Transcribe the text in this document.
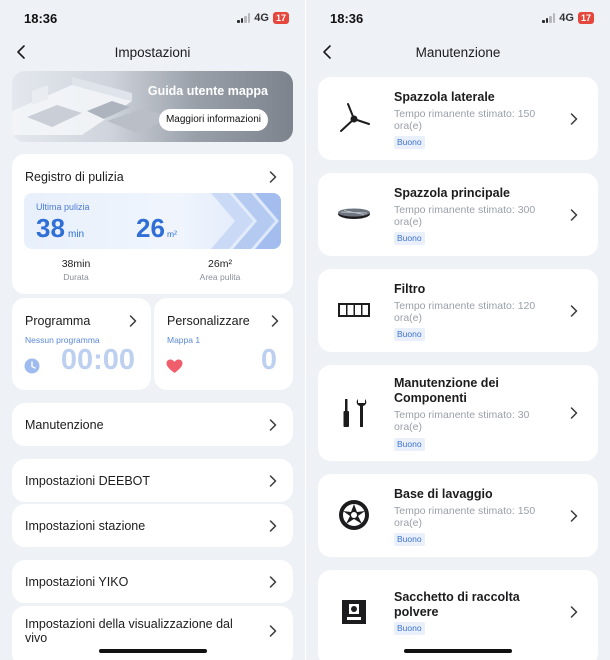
18:36	4G 17
Impostazioni
Guida utente mappa
Maggiori informazioni
Registro di pulizia
Ultima pulizia
38 min 26 m²
38min
Durata
26m²
Area pulita
Programma
Nessun programma
00:00
Personalizzare
Mappa 1
0
Manutenzione
Impostazioni DEEBOT
Impostazioni stazione
Impostazioni YIKO
Impostazioni della visualizzazione dal vivo
18:36	4G 17
Manutenzione
Spazzola laterale
Tempo rimanente stimato: 150 ora(e)
Buono
Spazzola principale
Tempo rimanente stimato: 300 ora(e)
Buono
Filtro
Tempo rimanente stimato: 120 ora(e)
Buono
Manutenzione dei Componenti
Tempo rimanente stimato: 30 ora(e)
Buono
Base di lavaggio
Tempo rimanente stimato: 150 ora(e)
Buono
Sacchetto di raccolta polvere
Buono
